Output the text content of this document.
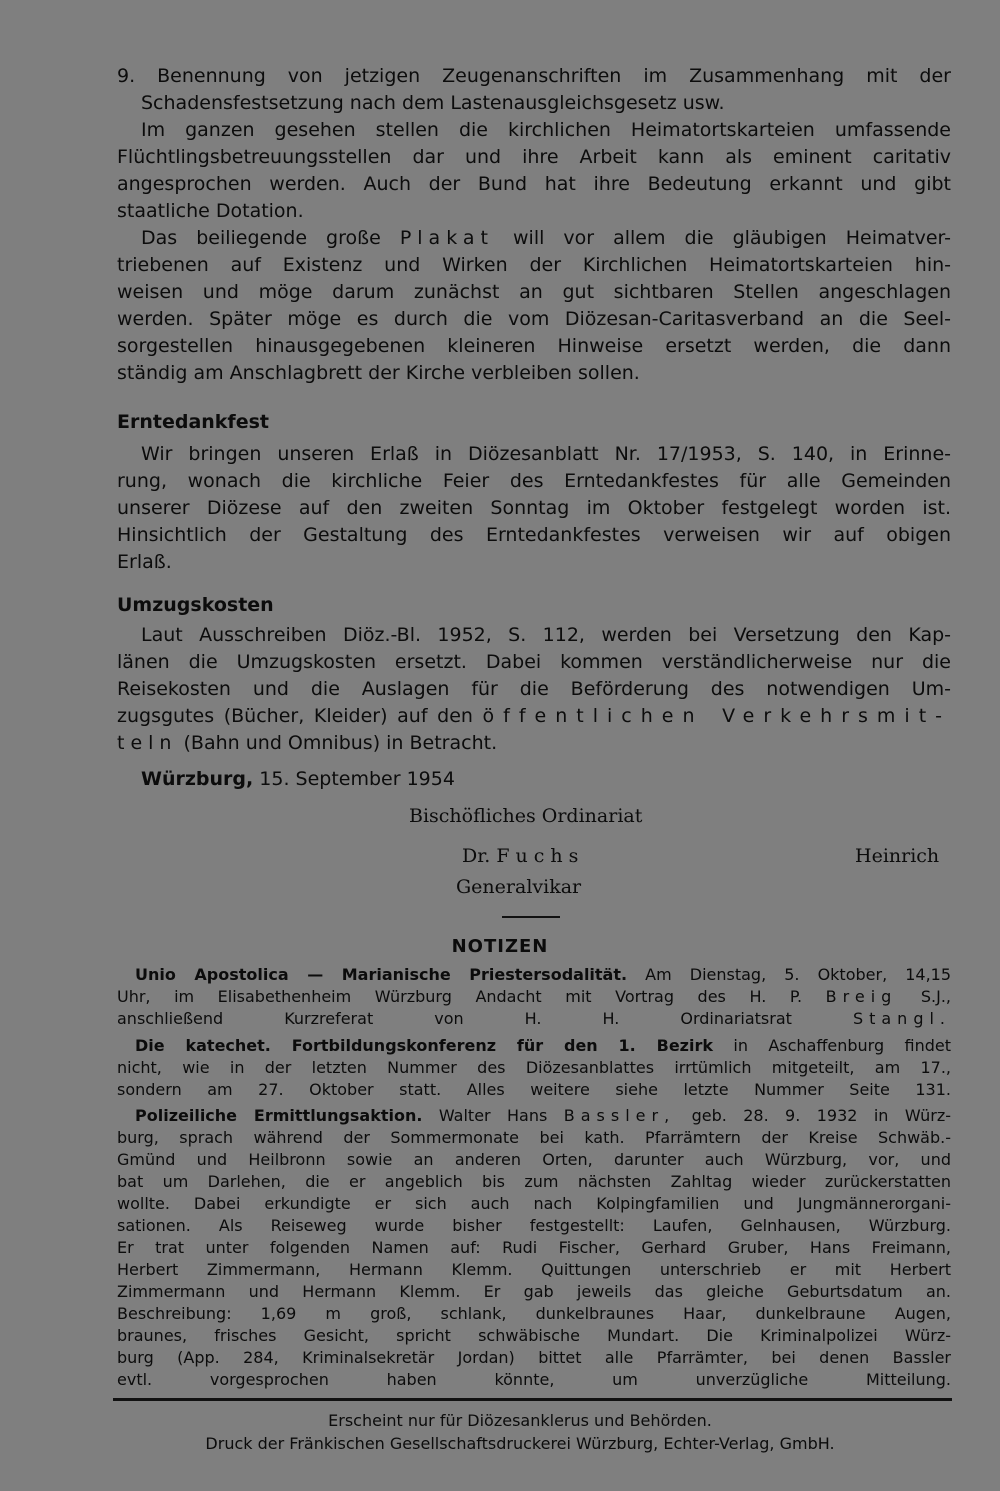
9. Benennung von jetzigen Zeugenanschriften im Zusammenhang mit der
Schadensfestsetzung nach dem Lastenausgleichsgesetz usw.
Im ganzen gesehen stellen die kirchlichen Heimatortskarteien umfassende
Flüchtlingsbetreuungsstellen dar und ihre Arbeit kann als eminent caritativ
angesprochen werden. Auch der Bund hat ihre Bedeutung erkannt und gibt
staatliche Dotation.
Das beiliegende große Plakat will vor allem die gläubigen Heimatver-
triebenen auf Existenz und Wirken der Kirchlichen Heimatortskarteien hin-
weisen und möge darum zunächst an gut sichtbaren Stellen angeschlagen
werden. Später möge es durch die vom Diözesan-Caritasverband an die Seel-
sorgestellen hinausgegebenen kleineren Hinweise ersetzt werden, die dann
ständig am Anschlagbrett der Kirche verbleiben sollen.
Erntedankfest
Wir bringen unseren Erlaß in Diözesanblatt Nr. 17/1953, S. 140, in Erinne-
rung, wonach die kirchliche Feier des Erntedankfestes für alle Gemeinden
unserer Diözese auf den zweiten Sonntag im Oktober festgelegt worden ist.
Hinsichtlich der Gestaltung des Erntedankfestes verweisen wir auf obigen
Erlaß.
Umzugskosten
Laut Ausschreiben Diöz.-Bl. 1952, S. 112, werden bei Versetzung den Kap-
länen die Umzugskosten ersetzt. Dabei kommen verständlicherweise nur die
Reisekosten und die Auslagen für die Beförderung des notwendigen Um-
zugsgutes (Bücher, Kleider) auf den öffentlichen Verkehrsmit-
teln (Bahn und Omnibus) in Betracht.
Würzburg, 15. September 1954
Bischöfliches Ordinariat
Dr. Fuchs	Heinrich
Generalvikar
NOTIZEN
Unio Apostolica — Marianische Priestersodalität. Am Dienstag, 5. Oktober, 14,15
Uhr, im Elisabethenheim Würzburg Andacht mit Vortrag des H. P. Breig S.J.,
anschließend Kurzreferat von H. H. Ordinariatsrat	Stangl.
Die katechet. Fortbildungskonferenz für den 1. Bezirk in Aschaffenburg findet
nicht, wie in der letzten Nummer des Diözesanblattes irrtümlich mitgeteilt, am 17.,
sondern am 27. Oktober statt. Alles weitere siehe letzte Nummer Seite 131.
Polizeiliche Ermittlungsaktion. Walter Hans Bassler, geb. 28. 9. 1932 in Würz-
burg, sprach während der Sommermonate bei kath. Pfarrämtern der Kreise Schwäb.-
Gmünd und Heilbronn sowie an anderen Orten, darunter auch Würzburg, vor, und
bat um Darlehen, die er angeblich bis zum nächsten Zahltag wieder zurückerstatten
wollte. Dabei erkundigte er sich auch nach Kolpingfamilien und Jungmännerorgani-
sationen. Als Reiseweg wurde bisher festgestellt: Laufen, Gelnhausen, Würzburg.
Er trat unter folgenden Namen auf: Rudi Fischer, Gerhard Gruber, Hans Freimann,
Herbert Zimmermann, Hermann Klemm. Quittungen unterschrieb er mit Herbert
Zimmermann und Hermann Klemm. Er gab jeweils das gleiche Geburtsdatum an.
Beschreibung: 1,69 m groß, schlank, dunkelbraunes Haar, dunkelbraune Augen,
braunes, frisches Gesicht, spricht schwäbische Mundart. Die Kriminalpolizei Würz-
burg (App. 284, Kriminalsekretär Jordan) bittet alle Pfarrämter, bei denen Bassler
evtl. vorgesprochen haben könnte, um unverzügliche Mitteilung.
Erscheint nur für Diözesanklerus und Behörden.
Druck der Fränkischen Gesellschaftsdruckerei Würzburg, Echter-Verlag, GmbH.
